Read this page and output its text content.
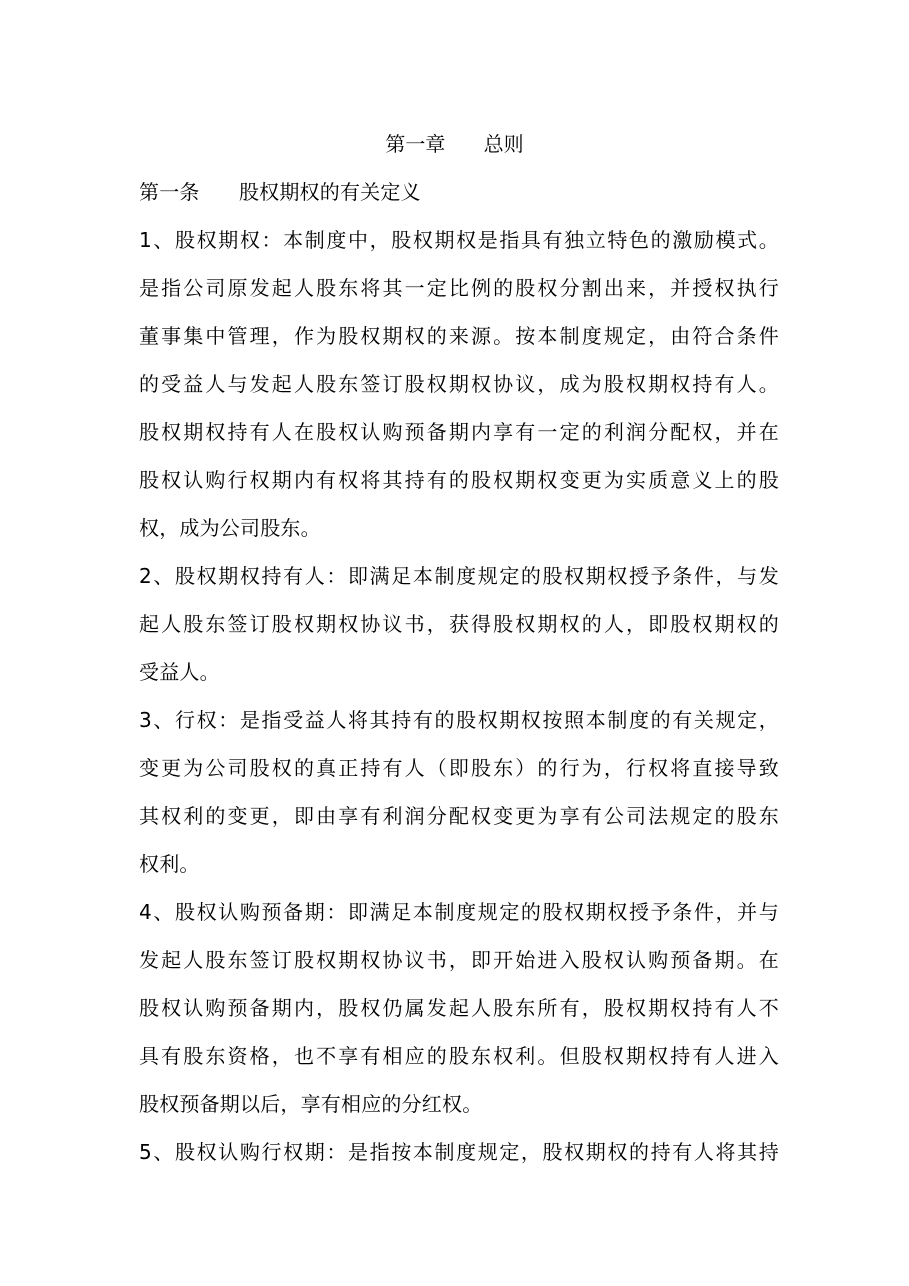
第一章      总则
第一条      股权期权的有关定义
1、股权期权：本制度中，股权期权是指具有独立特色的激励模式。
是指公司原发起人股东将其一定比例的股权分割出来，并授权执行
董事集中管理，作为股权期权的来源。按本制度规定，由符合条件
的受益人与发起人股东签订股权期权协议，成为股权期权持有人。
股权期权持有人在股权认购预备期内享有一定的利润分配权，并在
股权认购行权期内有权将其持有的股权期权变更为实质意义上的股
权，成为公司股东。
2、股权期权持有人：即满足本制度规定的股权期权授予条件，与发
起人股东签订股权期权协议书，获得股权期权的人，即股权期权的
受益人。
3、行权：是指受益人将其持有的股权期权按照本制度的有关规定，
变更为公司股权的真正持有人（即股东）的行为，行权将直接导致
其权利的变更，即由享有利润分配权变更为享有公司法规定的股东
权利。
4、股权认购预备期：即满足本制度规定的股权期权授予条件，并与
发起人股东签订股权期权协议书，即开始进入股权认购预备期。在
股权认购预备期内，股权仍属发起人股东所有，股权期权持有人不
具有股东资格，也不享有相应的股东权利。但股权期权持有人进入
股权预备期以后，享有相应的分红权。
5、股权认购行权期：是指按本制度规定，股权期权的持有人将其持
